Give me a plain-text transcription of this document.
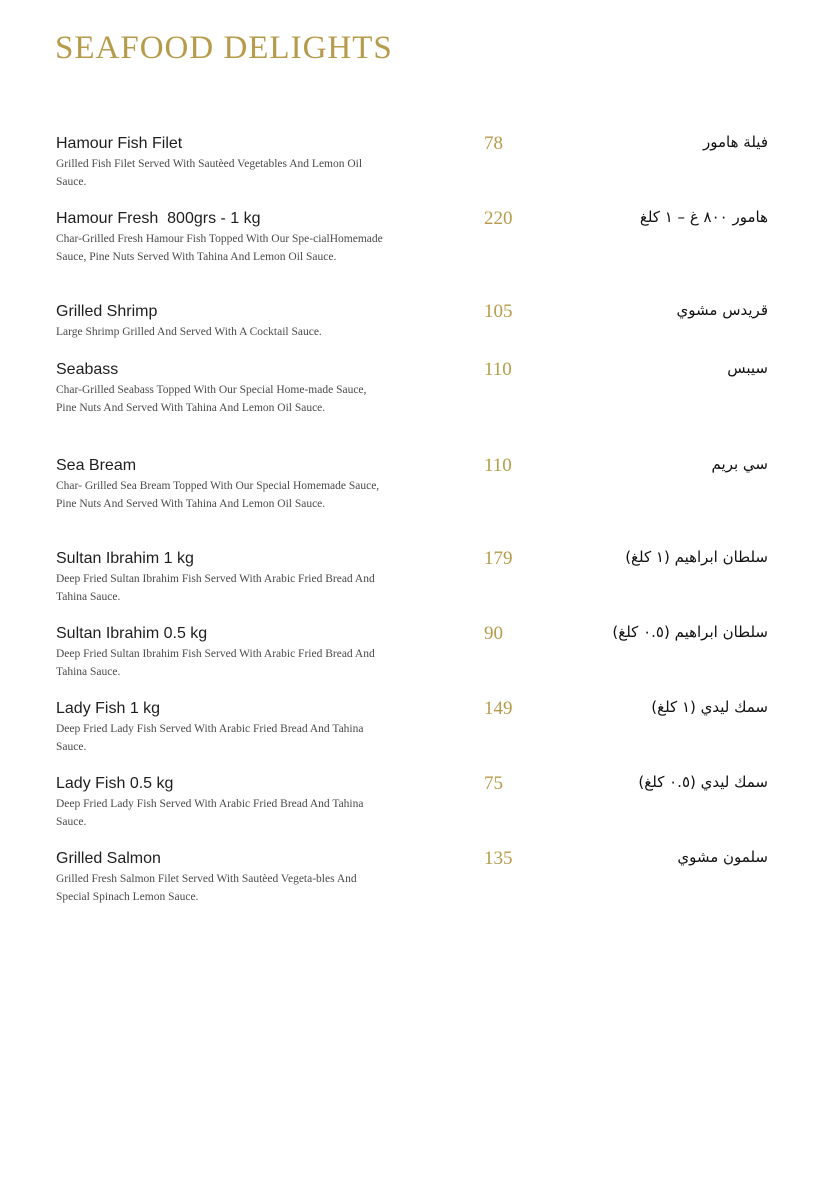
SEAFOOD DELIGHTS
Hamour Fish Filet
Grilled Fish Filet Served With Sautèed Vegetables And Lemon Oil Sauce.
78	فيلة هامور
Hamour Fresh  800grs - 1 kg
Char-Grilled Fresh Hamour Fish Topped With Our Spe-cialHomemade Sauce, Pine Nuts Served With Tahina And Lemon Oil Sauce.
220	هامور ٨٠٠ غ – ١ كلغ
Grilled Shrimp
Large Shrimp Grilled And Served With A Cocktail Sauce.
105	قريدس مشوي
Seabass
Char-Grilled Seabass Topped With Our Special Home-made Sauce, Pine Nuts And Served With Tahina And Lemon Oil Sauce.
110	سيبس
Sea Bream
Char- Grilled Sea Bream Topped With Our Special Homemade Sauce, Pine Nuts And Served With Tahina And Lemon Oil Sauce.
110	سي بريم
Sultan Ibrahim 1 kg
Deep Fried Sultan Ibrahim Fish Served With Arabic Fried Bread And Tahina Sauce.
179	سلطان ابراهيم (١ كلغ)
Sultan Ibrahim 0.5 kg
Deep Fried Sultan Ibrahim Fish Served With Arabic Fried Bread And Tahina Sauce.
90	سلطان ابراهيم (٠.٥ كلغ)
Lady Fish 1 kg
Deep Fried Lady Fish Served With Arabic Fried Bread And Tahina Sauce.
149	سمك ليدي (١ كلغ)
Lady Fish 0.5 kg
Deep Fried Lady Fish Served With Arabic Fried Bread And Tahina Sauce.
75	سمك ليدي (٠.٥ كلغ)
Grilled Salmon
Grilled Fresh Salmon Filet Served With Sautèed Vegeta-bles And Special Spinach Lemon Sauce.
135	سلمون مشوي
